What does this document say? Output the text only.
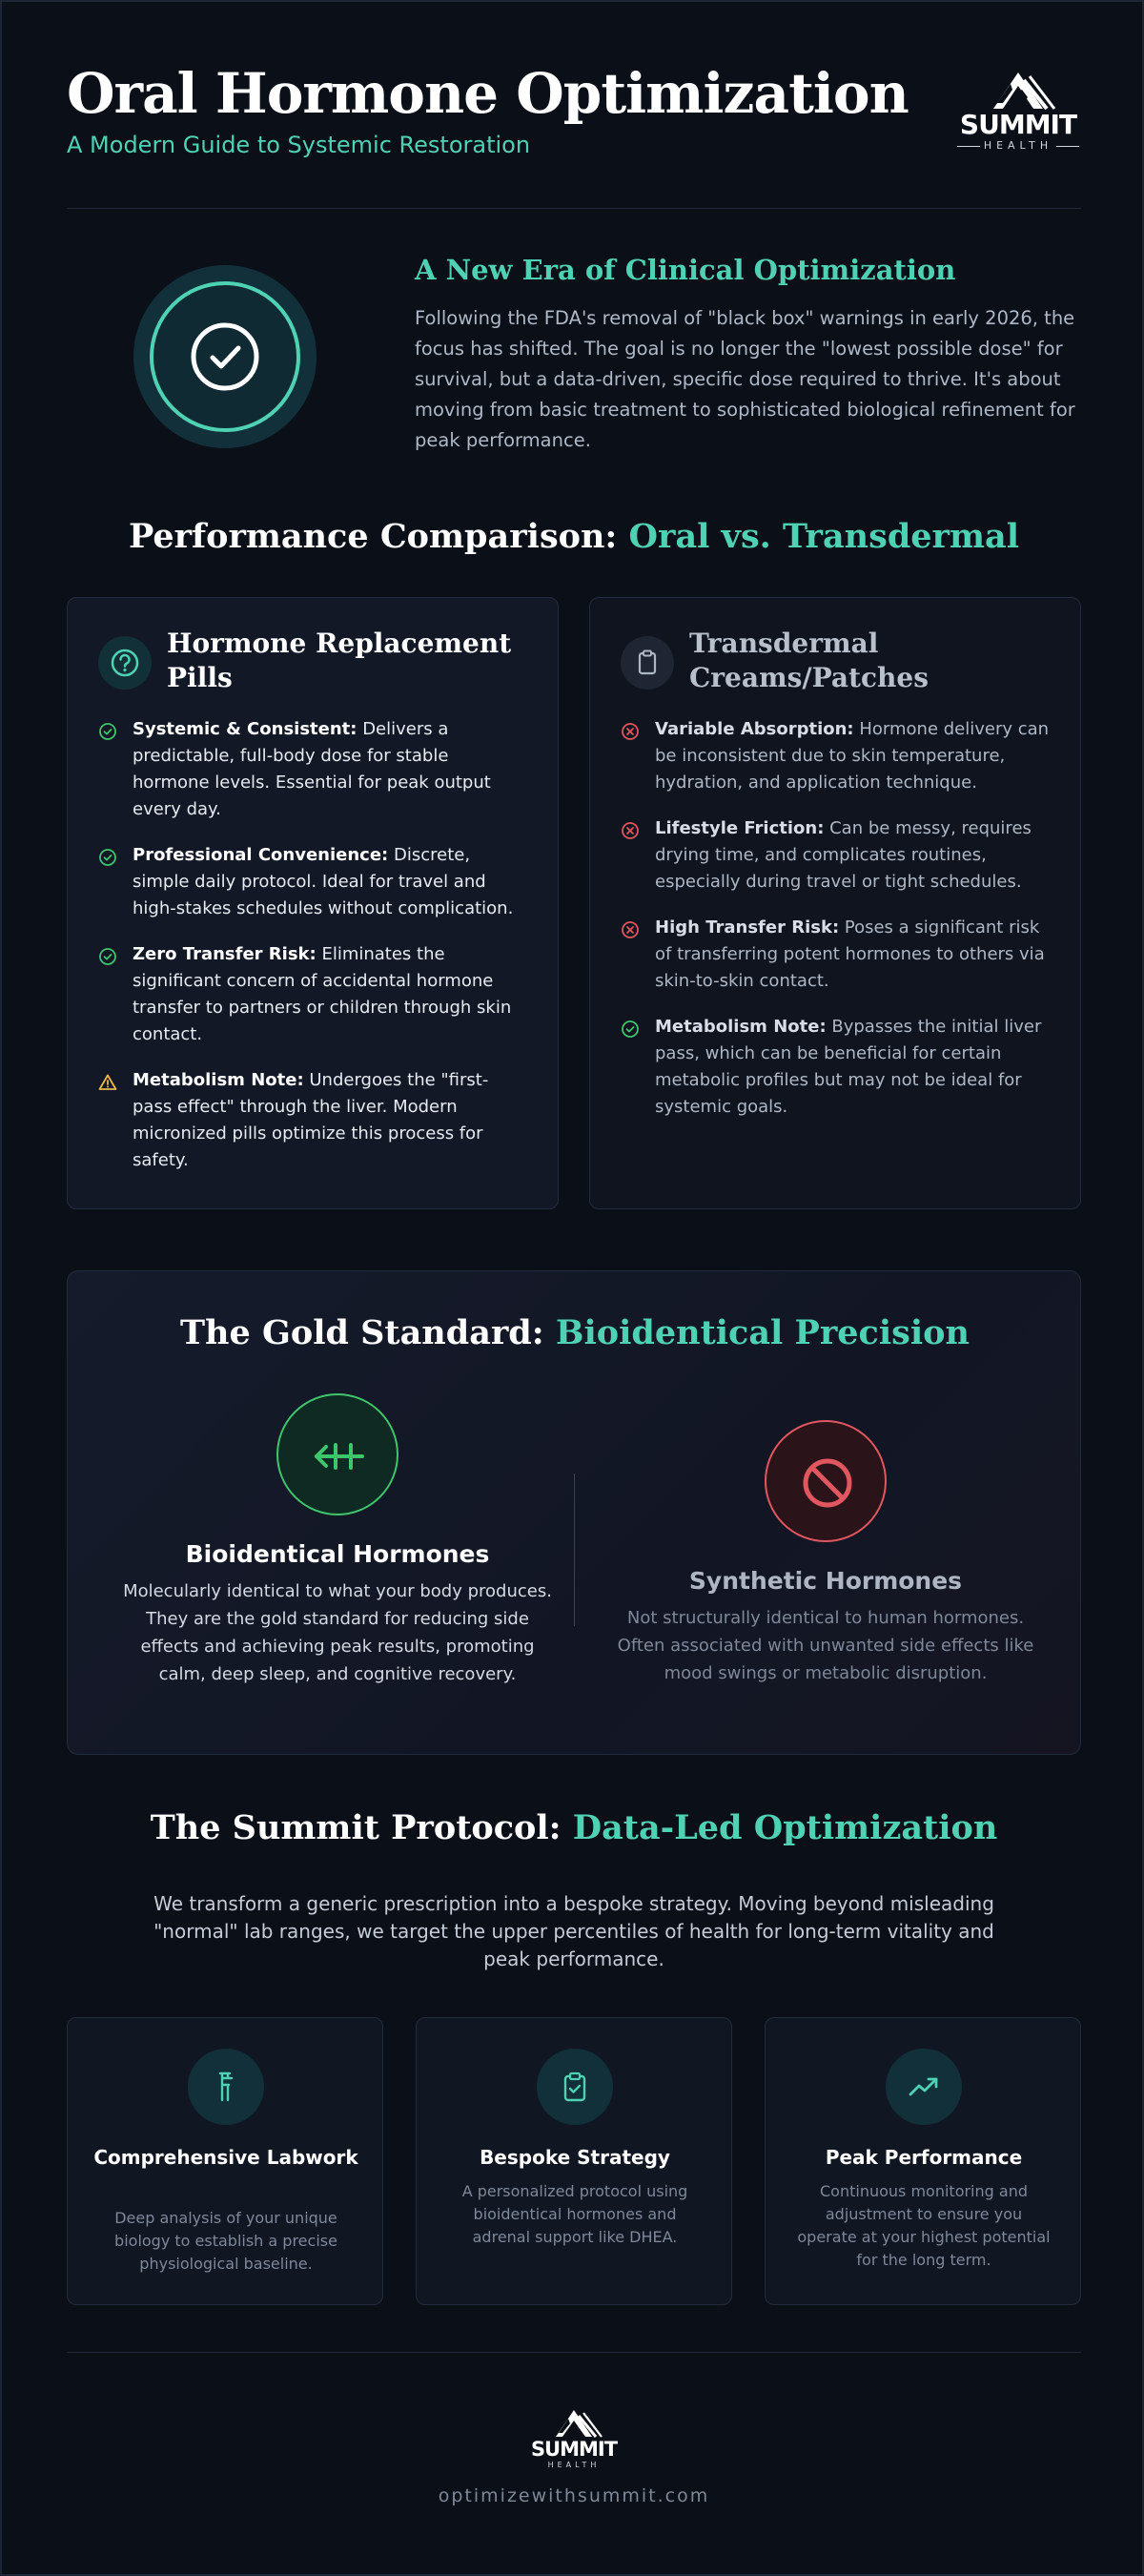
Oral Hormone Optimization
A Modern Guide to Systemic Restoration
SUMMIT
HEALTH
A New Era of Clinical Optimization
Following the FDA's removal of "black box" warnings in early 2026, the focus has shifted. The goal is no longer the "lowest possible dose" for survival, but a data-driven, specific dose required to thrive. It's about moving from basic treatment to sophisticated biological refinement for peak performance.
Performance Comparison: Oral vs. Transdermal
Hormone Replacement Pills
Systemic & Consistent: Delivers a predictable, full-body dose for stable hormone levels. Essential for peak output every day.
Professional Convenience: Discrete, simple daily protocol. Ideal for travel and high-stakes schedules without complication.
Zero Transfer Risk: Eliminates the significant concern of accidental hormone transfer to partners or children through skin contact.
Metabolism Note: Undergoes the "first-pass effect" through the liver. Modern micronized pills optimize this process for safety.
Transdermal Creams/Patches
Variable Absorption: Hormone delivery can be inconsistent due to skin temperature, hydration, and application technique.
Lifestyle Friction: Can be messy, requires drying time, and complicates routines, especially during travel or tight schedules.
High Transfer Risk: Poses a significant risk of transferring potent hormones to others via skin-to-skin contact.
Metabolism Note: Bypasses the initial liver pass, which can be beneficial for certain metabolic profiles but may not be ideal for systemic goals.
The Gold Standard: Bioidentical Precision
Bioidentical Hormones
Molecularly identical to what your body produces. They are the gold standard for reducing side effects and achieving peak results, promoting calm, deep sleep, and cognitive recovery.
Synthetic Hormones
Not structurally identical to human hormones. Often associated with unwanted side effects like mood swings or metabolic disruption.
The Summit Protocol: Data-Led Optimization
We transform a generic prescription into a bespoke strategy. Moving beyond misleading "normal" lab ranges, we target the upper percentiles of health for long-term vitality and peak performance.
Comprehensive Labwork
Deep analysis of your unique biology to establish a precise physiological baseline.
Bespoke Strategy
A personalized protocol using bioidentical hormones and adrenal support like DHEA.
Peak Performance
Continuous monitoring and adjustment to ensure you operate at your highest potential for the long term.
SUMMIT
HEALTH
optimizewithsummit.com
